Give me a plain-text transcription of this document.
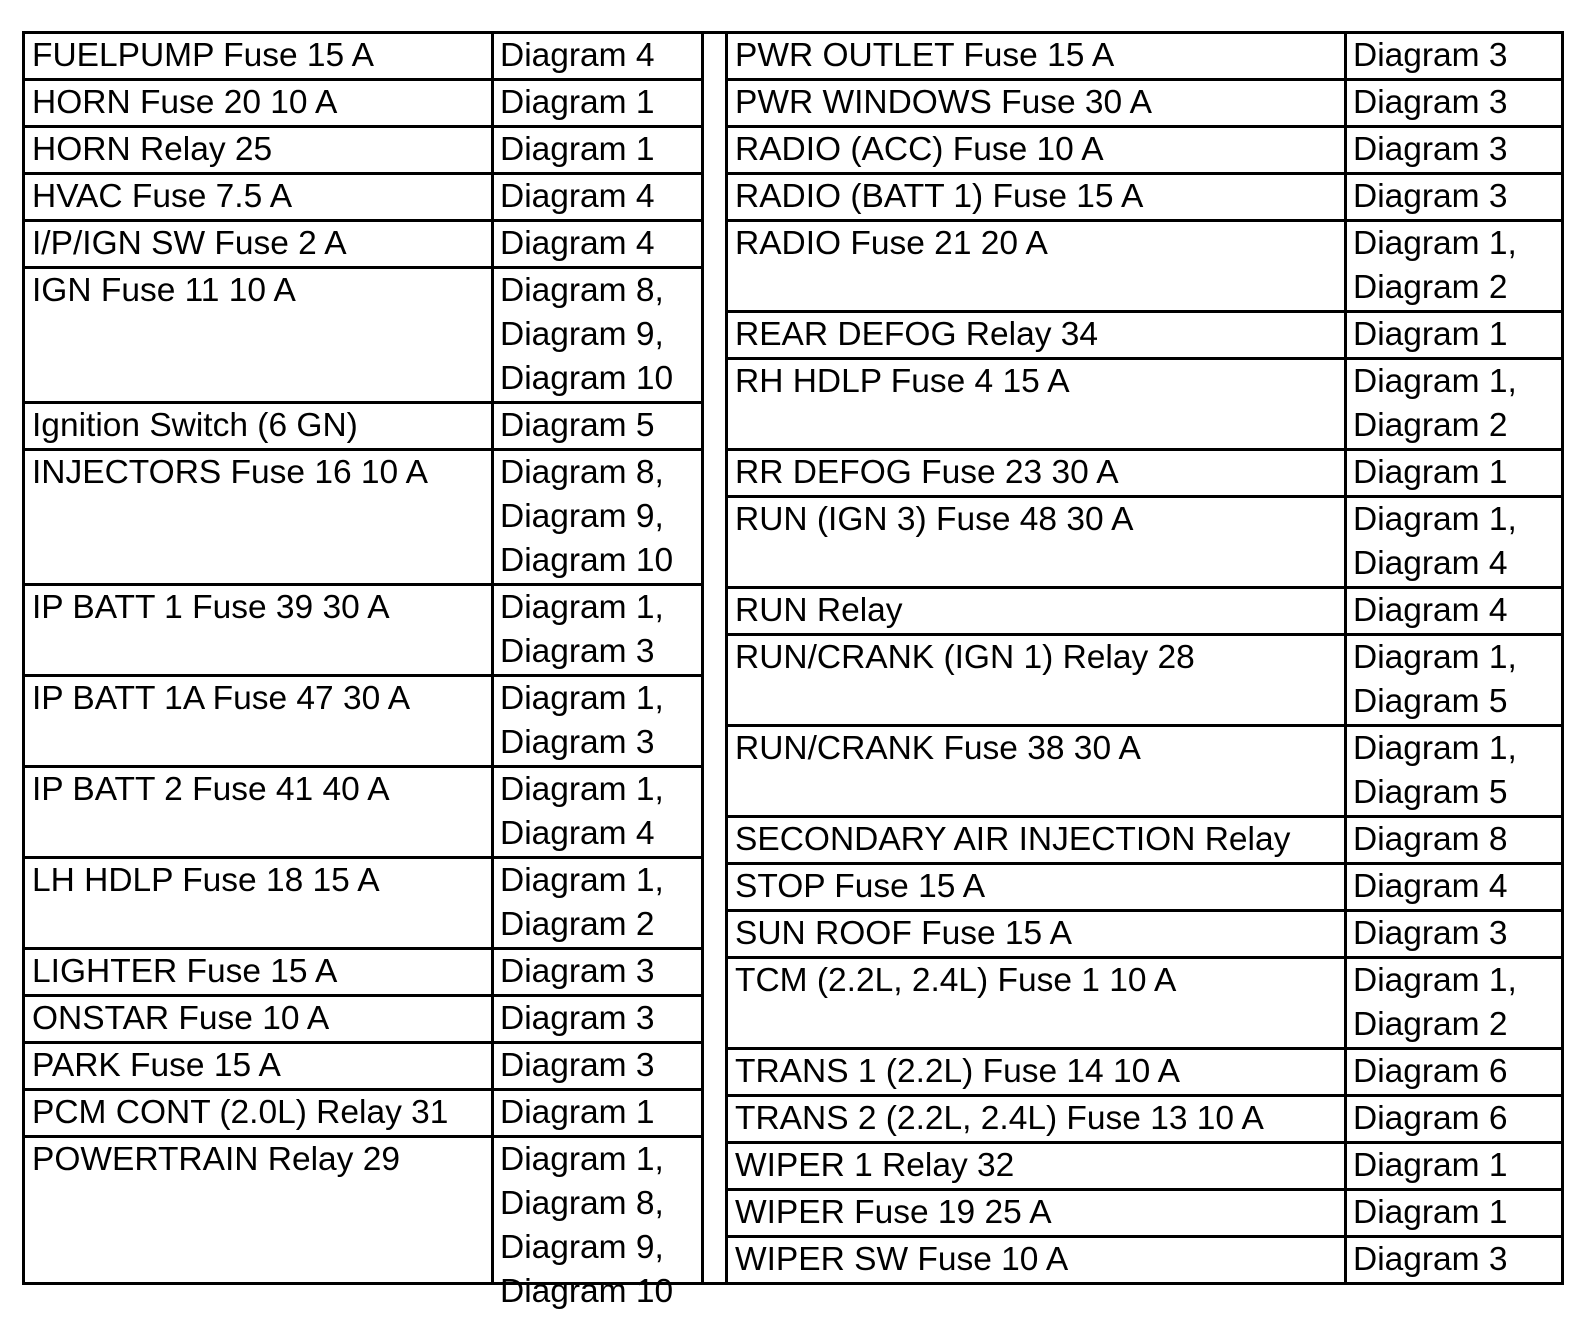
FUELPUMP Fuse 15 A	Diagram 4
HORN Fuse 20 10 A	Diagram 1
HORN Relay 25	Diagram 1
HVAC Fuse 7.5 A	Diagram 4
I/P/IGN SW Fuse 2 A	Diagram 4
IGN Fuse 11 10 A	Diagram 8,
Diagram 9,
Diagram 10
Ignition Switch (6 GN)	Diagram 5
INJECTORS Fuse 16 10 A	Diagram 8,
Diagram 9,
Diagram 10
IP BATT 1 Fuse 39 30 A	Diagram 1,
Diagram 3
IP BATT 1A Fuse 47 30 A	Diagram 1,
Diagram 3
IP BATT 2 Fuse 41 40 A	Diagram 1,
Diagram 4
LH HDLP Fuse 18 15 A	Diagram 1,
Diagram 2
LIGHTER Fuse 15 A	Diagram 3
ONSTAR Fuse 10 A	Diagram 3
PARK Fuse 15 A	Diagram 3
PCM CONT (2.0L) Relay 31	Diagram 1
POWERTRAIN Relay 29	Diagram 1,
Diagram 8,
Diagram 9,
Diagram 10
PWR OUTLET Fuse 15 A	Diagram 3
PWR WINDOWS Fuse 30 A	Diagram 3
RADIO (ACC) Fuse 10 A	Diagram 3
RADIO (BATT 1) Fuse 15 A	Diagram 3
RADIO Fuse 21 20 A	Diagram 1,
Diagram 2
REAR DEFOG Relay 34	Diagram 1
RH HDLP Fuse 4 15 A	Diagram 1,
Diagram 2
RR DEFOG Fuse 23 30 A	Diagram 1
RUN (IGN 3) Fuse 48 30 A	Diagram 1,
Diagram 4
RUN Relay	Diagram 4
RUN/CRANK (IGN 1) Relay 28	Diagram 1,
Diagram 5
RUN/CRANK Fuse 38 30 A	Diagram 1,
Diagram 5
SECONDARY AIR INJECTION Relay	Diagram 8
STOP Fuse 15 A	Diagram 4
SUN ROOF Fuse 15 A	Diagram 3
TCM (2.2L, 2.4L) Fuse 1 10 A	Diagram 1,
Diagram 2
TRANS 1 (2.2L) Fuse 14 10 A	Diagram 6
TRANS 2 (2.2L, 2.4L) Fuse 13 10 A	Diagram 6
WIPER 1 Relay 32	Diagram 1
WIPER Fuse 19 25 A	Diagram 1
WIPER SW Fuse 10 A	Diagram 3
